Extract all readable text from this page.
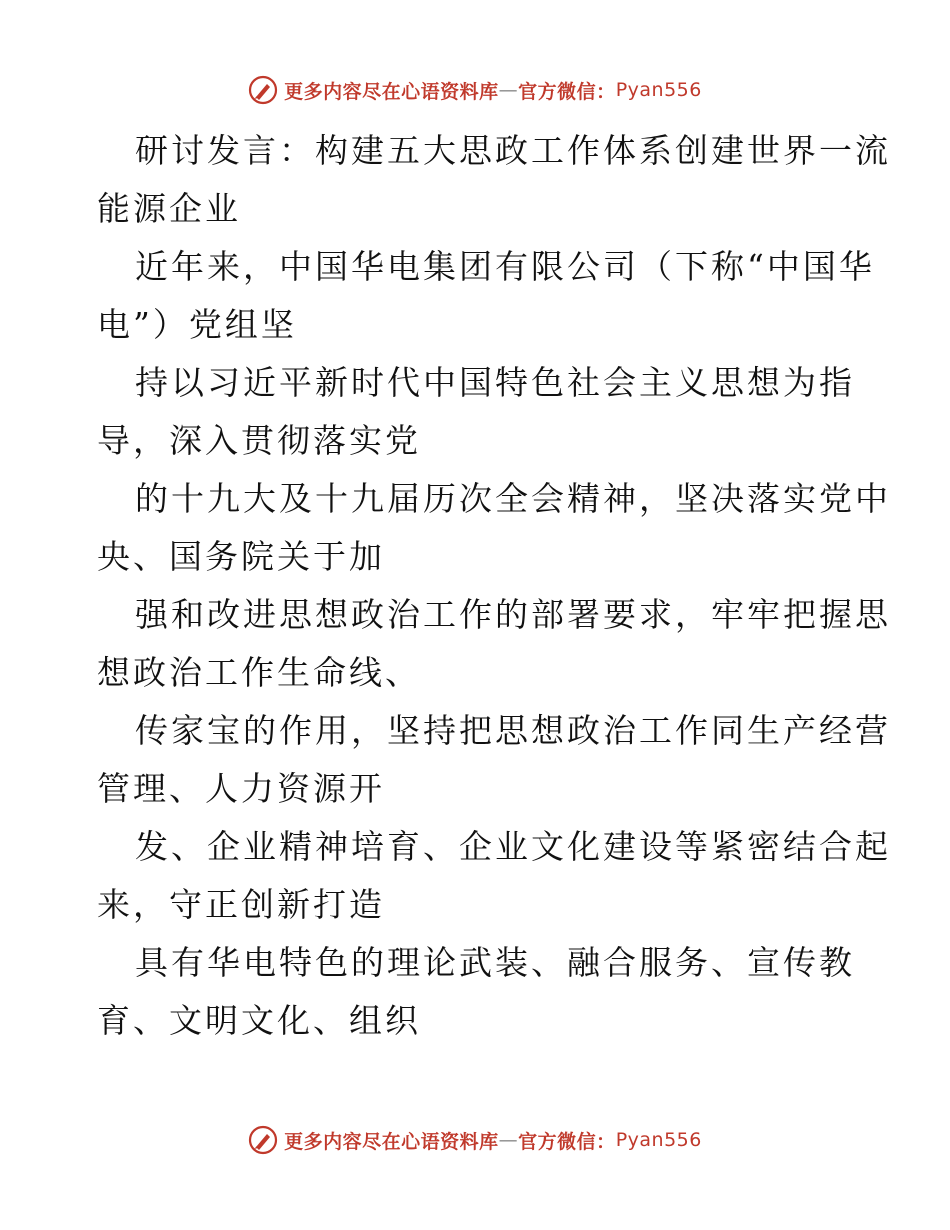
更多内容尽在心语资料库 — 官方微信： Pyan556

研讨发言：构建五大思政工作体系创建世界一流
能源企业

近年来，中国华电集团有限公司（下称“中国华
电”）党组坚

持以习近平新时代中国特色社会主义思想为指
导，深入贯彻落实党

的十九大及十九届历次全会精神，坚决落实党中
央、国务院关于加

强和改进思想政治工作的部署要求，牢牢把握思
想政治工作生命线、

传家宝的作用，坚持把思想政治工作同生产经营
管理、人力资源开

发、企业精神培育、企业文化建设等紧密结合起
来，守正创新打造

具有华电特色的理论武装、融合服务、宣传教
育、文明文化、组织

更多内容尽在心语资料库 — 官方微信： Pyan556
